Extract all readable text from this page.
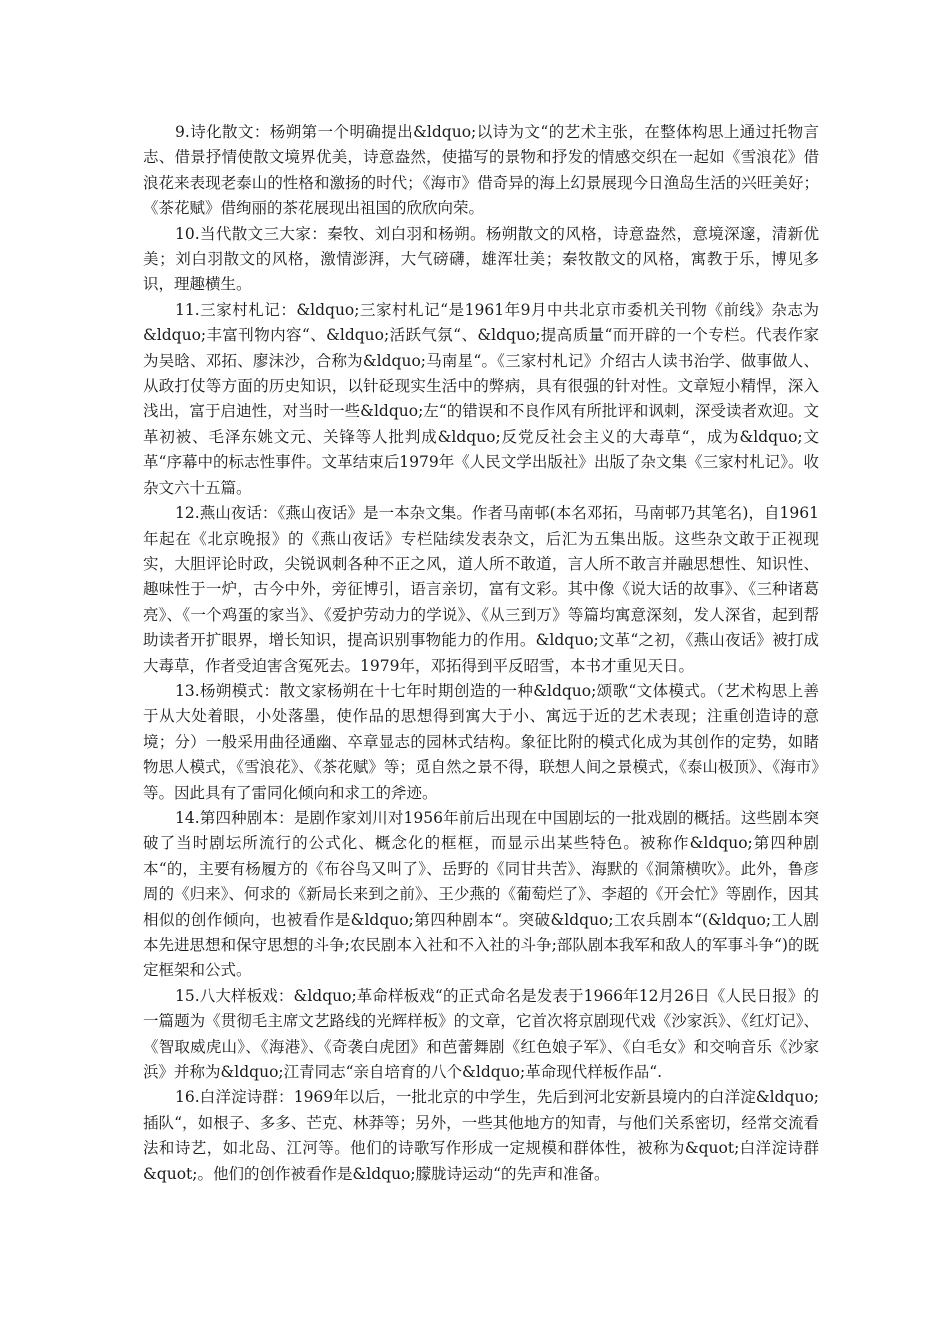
9.诗化散文：杨朔第一个明确提出&ldquo;以诗为文“的艺术主张，在整体构思上通过托物言志、借景抒情使散文境界优美，诗意盎然，使描写的景物和抒发的情感交织在一起如《雪浪花》借浪花来表现老泰山的性格和激扬的时代；《海市》借奇异的海上幻景展现今日渔岛生活的兴旺美好；《茶花赋》借绚丽的茶花展现出祖国的欣欣向荣。

10.当代散文三大家：秦牧、刘白羽和杨朔。杨朔散文的风格，诗意盎然，意境深邃，清新优美；刘白羽散文的风格，激情澎湃，大气磅礴，雄浑壮美；秦牧散文的风格，寓教于乐，博见多识，理趣横生。

11.三家村札记：&ldquo;三家村札记“是1961年9月中共北京市委机关刊物《前线》杂志为&ldquo;丰富刊物内容“、&ldquo;活跃气氛“、&ldquo;提高质量“而开辟的一个专栏。代表作家为吴晗、邓拓、廖沫沙，合称为&ldquo;马南星“。《三家村札记》介绍古人读书治学、做事做人、从政打仗等方面的历史知识，以针砭现实生活中的弊病，具有很强的针对性。文章短小精悍，深入浅出，富于启迪性，对当时一些&ldquo;左“的错误和不良作风有所批评和讽刺，深受读者欢迎。文革初被、毛泽东姚文元、关锋等人批判成&ldquo;反党反社会主义的大毒草“，成为&ldquo;文革“序幕中的标志性事件。文革结束后1979年《人民文学出版社》出版了杂文集《三家村札记》。收杂文六十五篇。

12.燕山夜话：《燕山夜话》是一本杂文集。作者马南邨(本名邓拓，马南邨乃其笔名)，自1961年起在《北京晚报》的《燕山夜话》专栏陆续发表杂文，后汇为五集出版。这些杂文敢于正视现实，大胆评论时政，尖锐讽刺各种不正之风，道人所不敢道，言人所不敢言并融思想性、知识性、趣味性于一炉，古今中外，旁征博引，语言亲切，富有文彩。其中像《说大话的故事》、《三种诸葛亮》、《一个鸡蛋的家当》、《爱护劳动力的学说》、《从三到万》等篇均寓意深刻，发人深省，起到帮助读者开扩眼界，增长知识，提高识别事物能力的作用。&ldquo;文革“之初，《燕山夜话》被打成大毒草，作者受迫害含冤死去。1979年，邓拓得到平反昭雪，本书才重见天日。

13.杨朔模式：散文家杨朔在十七年时期创造的一种&ldquo;颂歌“文体模式。（艺术构思上善于从大处着眼，小处落墨，使作品的思想得到寓大于小、寓远于近的艺术表现；注重创造诗的意境；分）一般采用曲径通幽、卒章显志的园林式结构。象征比附的模式化成为其创作的定势，如睹物思人模式，《雪浪花》、《茶花赋》等；觅自然之景不得，联想人间之景模式，《泰山极顶》、《海市》等。因此具有了雷同化倾向和求工的斧迹。

14.第四种剧本：是剧作家刘川对1956年前后出现在中国剧坛的一批戏剧的概括。这些剧本突破了当时剧坛所流行的公式化、概念化的框框，而显示出某些特色。被称作&ldquo;第四种剧本“的，主要有杨履方的《布谷鸟又叫了》、岳野的《同甘共苦》、海默的《洞箫横吹》。此外，鲁彦周的《归来》、何求的《新局长来到之前》、王少燕的《葡萄烂了》、李超的《开会忙》等剧作，因其相似的创作倾向，也被看作是&ldquo;第四种剧本“。突破&ldquo;工农兵剧本“(&ldquo;工人剧本先进思想和保守思想的斗争;农民剧本入社和不入社的斗争;部队剧本我军和敌人的军事斗争“)的既定框架和公式。

15.八大样板戏：&ldquo;革命样板戏“的正式命名是发表于1966年12月26日《人民日报》的一篇题为《贯彻毛主席文艺路线的光辉样板》的文章，它首次将京剧现代戏《沙家浜》、《红灯记》、《智取威虎山》、《海港》、《奇袭白虎团》和芭蕾舞剧《红色娘子军》、《白毛女》和交响音乐《沙家浜》并称为&ldquo;江青同志“亲自培育的八个&ldquo;革命现代样板作品“.

16.白洋淀诗群：1969年以后，一批北京的中学生，先后到河北安新县境内的白洋淀&ldquo;插队“，如根子、多多、芒克、林莽等；另外，一些其他地方的知青，与他们关系密切，经常交流看法和诗艺，如北岛、江河等。他们的诗歌写作形成一定规模和群体性，被称为&quot;白洋淀诗群&quot;。他们的创作被看作是&ldquo;朦胧诗运动“的先声和准备。
